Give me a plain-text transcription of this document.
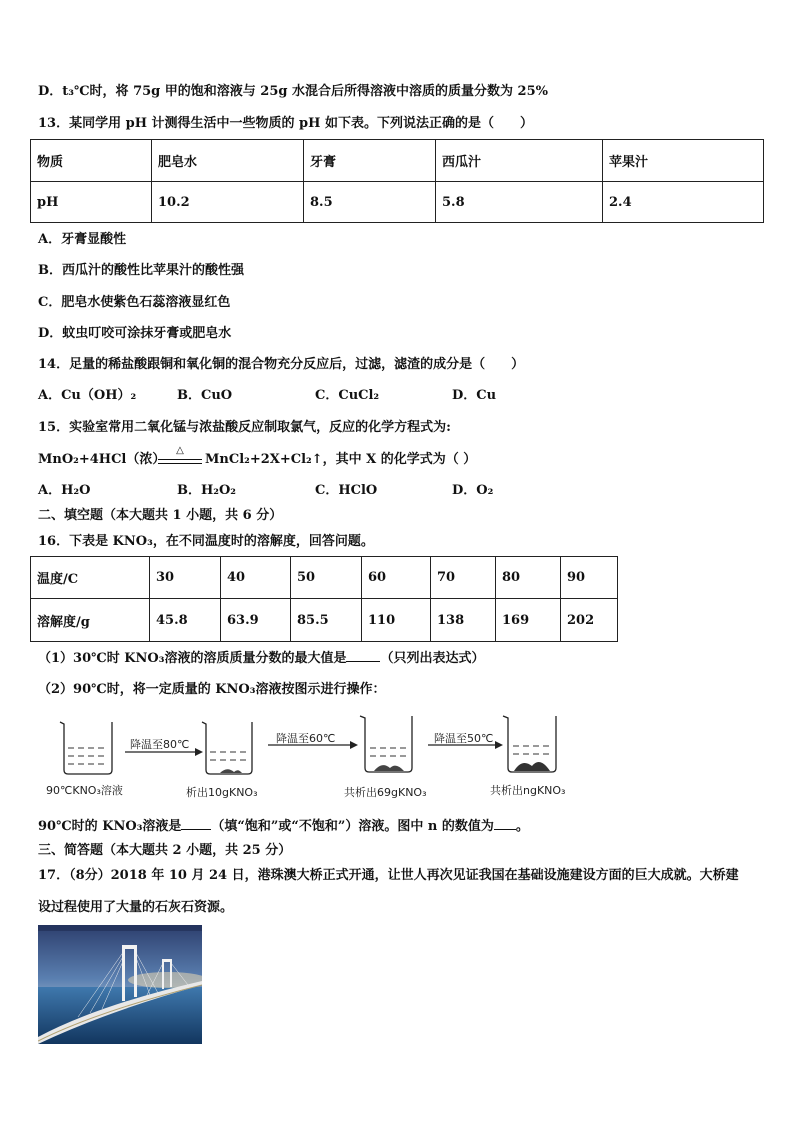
D．t₃℃时，将 75g 甲的饱和溶液与 25g 水混合后所得溶液中溶质的质量分数为 25%
13．某同学用 pH 计测得生活中一些物质的 pH 如下表。下列说法正确的是（　　）
物质	肥皂水	牙膏	西瓜汁	苹果汁
pH	10.2	8.5	5.8	2.4
A．牙膏显酸性
B．西瓜汁的酸性比苹果汁的酸性强
C．肥皂水使紫色石蕊溶液显红色
D．蚊虫叮咬可涂抹牙膏或肥皂水
14．足量的稀盐酸跟铜和氧化铜的混合物充分反应后，过滤，滤渣的成分是（　　）
A．Cu（OH）₂	B．CuO	C．CuCl₂	D．Cu
15．实验室常用二氧化锰与浓盐酸反应制取氯气，反应的化学方程式为:
MnO₂+4HCl（浓）
△
MnCl₂+2X+Cl₂↑，其中 X 的化学式为（ ）
A．H₂O	B．H₂O₂	C．HClO	D．O₂
二、填空题（本大题共 1 小题，共 6 分）
16．下表是 KNO₃，在不同温度时的溶解度，回答问题。
温度/C	30	40	50	60	70	80	90
溶解度/g	45.8	63.9	85.5	110	138	169	202
（1）30℃时 KNO₃溶液的溶质质量分数的最大值是	（只列出表达式）
（2）90℃时，将一定质量的 KNO₃溶液按图示进行操作：
降温至80℃	降温至60℃	降温至50℃
90℃KNO₃溶液	析出10gKNO₃	共析出69gKNO₃	共析出ngKNO₃
90℃时的 KNO₃溶液是 （填“饱和”或“不饱和”）溶液。图中 n 的数值为 。
三、简答题（本大题共 2 小题，共 25 分）
17．（8分）2018 年 10 月 24 日，港珠澳大桥正式开通，让世人再次见证我国在基础设施建设方面的巨大成就。大桥建
设过程使用了大量的石灰石资源。
